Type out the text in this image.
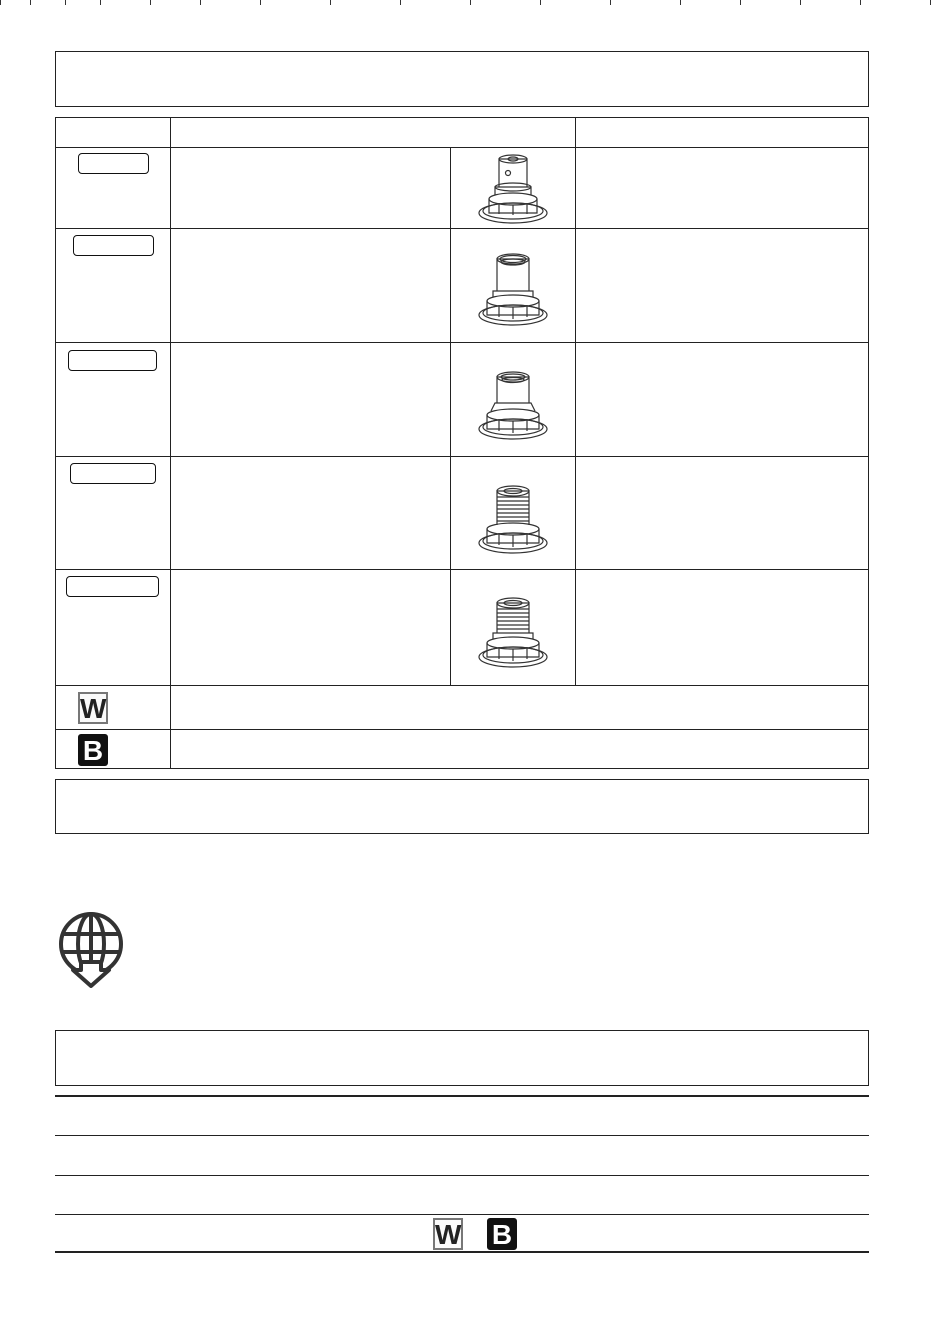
W
B
W B
